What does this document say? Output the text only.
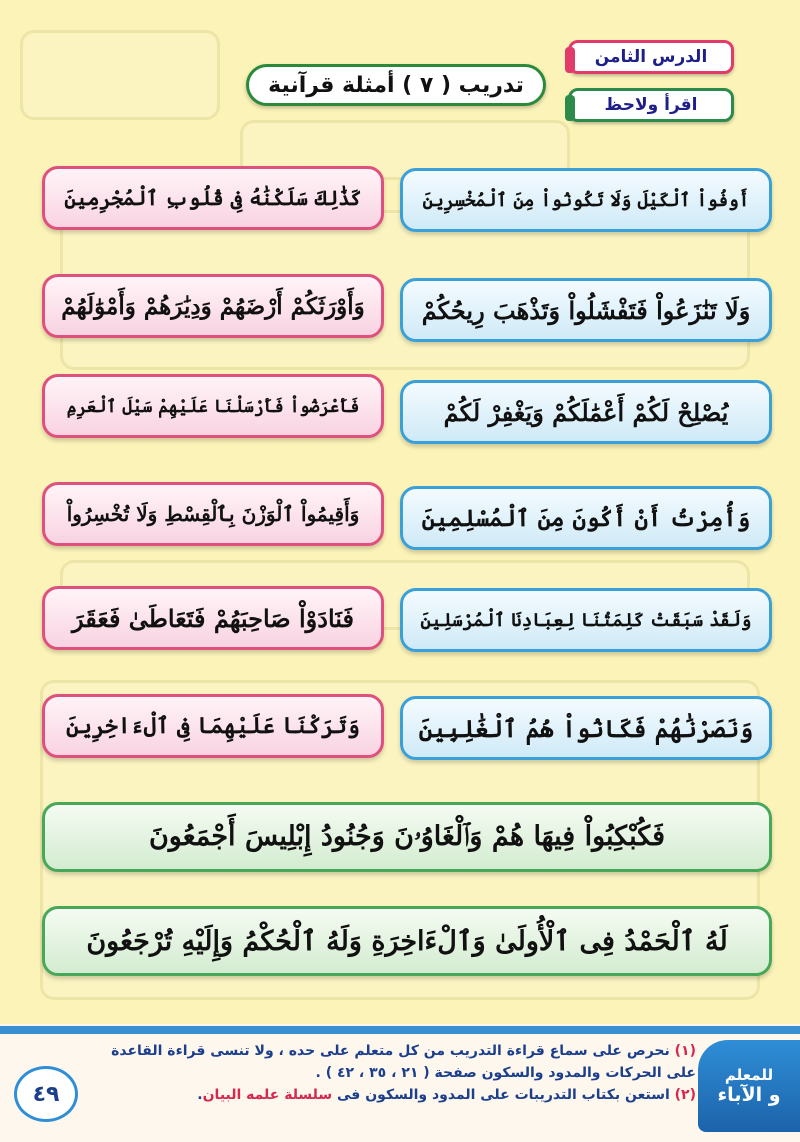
الدرس الثامن
اقرأ ولاحظ
تدريب ( ٧ ) أمثلة قرآنية
أَوفُواْ ٱلْكَيْلَ وَلَا تَكُونُواْ مِنَ ٱلْمُخْسِرِينَ
وَلَا تَنَٰزَعُواْ فَتَفْشَلُواْ وَتَذْهَبَ رِيحُكُمْ
يُصْلِحْ لَكُمْ أَعْمَٰلَكُمْ وَيَغْفِرْ لَكُمْ
وَأُمِرْتُ أَنْ أَكُونَ مِنَ ٱلْمُسْلِمِينَ
وَلَقَدْ سَبَقَتْ كَلِمَتُنَا لِعِبَادِنَا ٱلْمُرْسَلِينَ
وَنَصَرْنَٰهُمْ فَكَانُواْ هُمُ ٱلْغَٰلِبِينَ
كَذَٰلِكَ سَلَكْنَٰهُ فِى قُلُوبِ ٱلْمُجْرِمِينَ
وَأَوْرَثَكُمْ أَرْضَهُمْ وَدِيَٰرَهُمْ وَأَمْوَٰلَهُمْ
فَأَعْرَضُواْ فَأَرْسَلْنَا عَلَيْهِمْ سَيْلَ ٱلْعَرِمِ
وَأَقِيمُواْ ٱلْوَزْنَ بِٱلْقِسْطِ وَلَا تُخْسِرُواْ
فَنَادَوْاْ صَاحِبَهُمْ فَتَعَاطَىٰ فَعَقَرَ
وَتَرَكْنَا عَلَيْهِمَا فِى ٱلْءَاخِرِينَ
فَكُبْكِبُواْ فِيهَا هُمْ وَٱلْغَاوُۥنَ وَجُنُودُ إِبْلِيسَ أَجْمَعُونَ
لَهُ ٱلْحَمْدُ فِى ٱلْأُولَىٰ وَٱلْءَاخِرَةِ وَلَهُ ٱلْحُكْمُ وَإِلَيْهِ تُرْجَعُونَ
للمعلم
و الآباء
(١) نحرص على سماع قراءة التدريب من كل متعلم على حده ، ولا تنسى قراءة القاعدة على الحركات والمدود والسكون صفحة ( ٢١ ، ٣٥ ، ٤٢ ) .
(٢) استعن بكتاب التدريبات على المدود والسكون فى سلسلة علمه البيان.
٤٩
